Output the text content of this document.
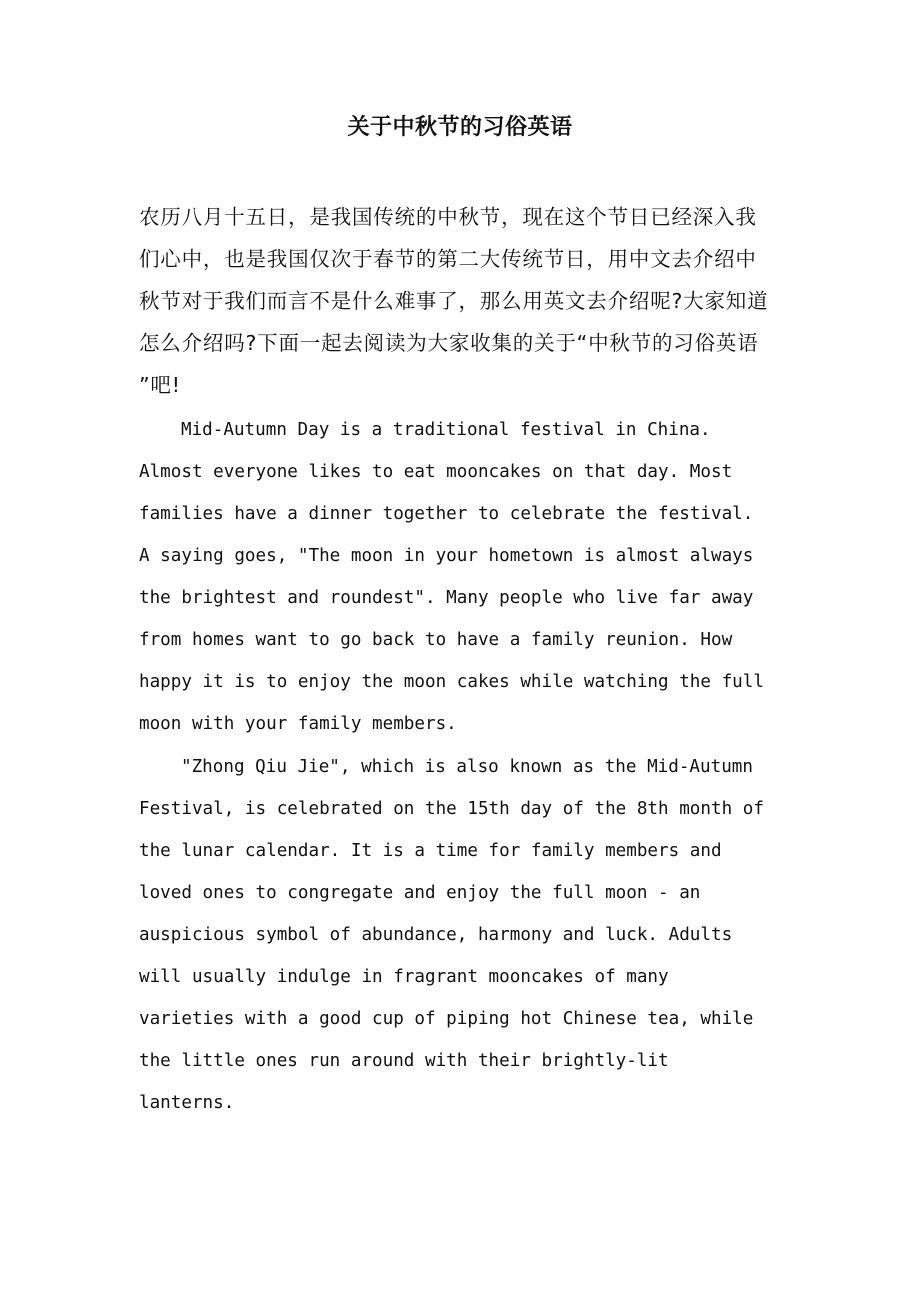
关于中秋节的习俗英语
农历八月十五日，是我国传统的中秋节，现在这个节日已经深入我
们心中，也是我国仅次于春节的第二大传统节日，用中文去介绍中
秋节对于我们而言不是什么难事了，那么用英文去介绍呢?大家知道
怎么介绍吗?下面一起去阅读为大家收集的关于“中秋节的习俗英语
”吧!
Mid-Autumn Day is a traditional festival in China.
Almost everyone likes to eat mooncakes on that day. Most
families have a dinner together to celebrate the festival.
A saying goes, "The moon in your hometown is almost always
the brightest and roundest". Many people who live far away
from homes want to go back to have a family reunion. How
happy it is to enjoy the moon cakes while watching the full
moon with your family members.
"Zhong Qiu Jie", which is also known as the Mid-Autumn
Festival, is celebrated on the 15th day of the 8th month of
the lunar calendar. It is a time for family members and
loved ones to congregate and enjoy the full moon - an
auspicious symbol of abundance, harmony and luck. Adults
will usually indulge in fragrant mooncakes of many
varieties with a good cup of piping hot Chinese tea, while
the little ones run around with their brightly-lit
lanterns.
